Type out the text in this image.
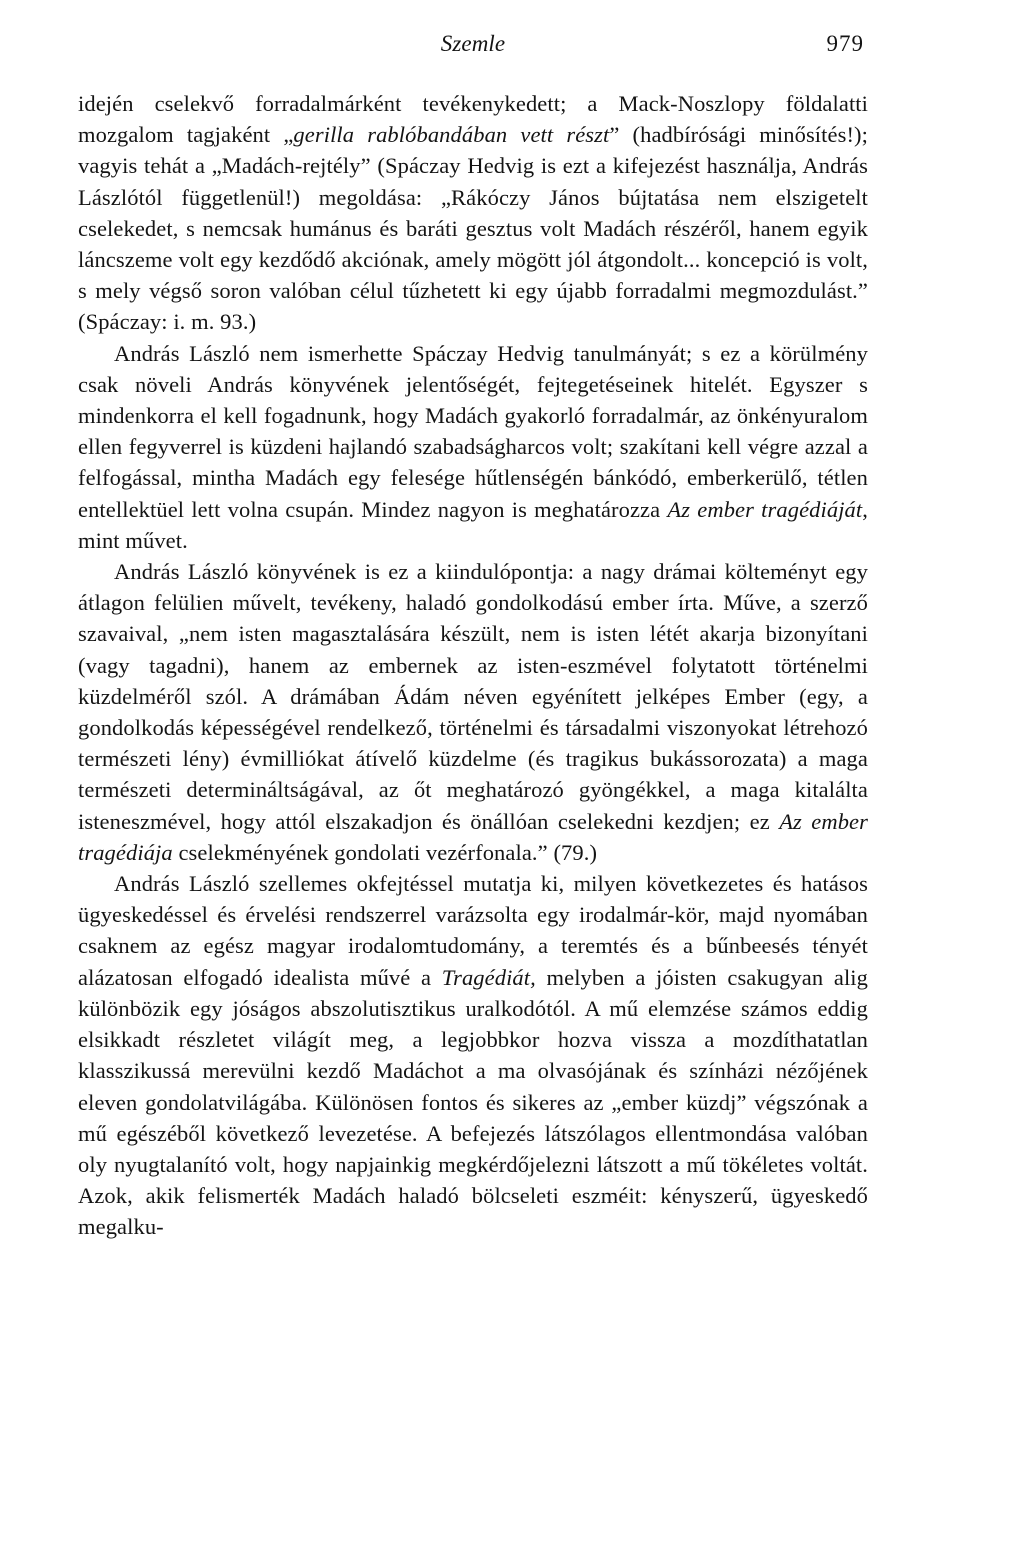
Szemle	979

idején cselekvő forradalmárként tevékenykedett; a Mack-Noszlopy földalatti mozgalom tagjaként „gerilla rablóbandában vett részt” (hadbírósági minősítés!); vagyis tehát a „Madách-rejtély” (Spáczay Hedvig is ezt a kifejezést használja, András Lászlótól függetlenül!) megoldása: „Rákóczy János bújtatása nem elszigetelt cselekedet, s nemcsak humánus és baráti gesztus volt Madách részéről, hanem egyik láncszeme volt egy kezdődő akciónak, amely mögött jól átgondolt... koncepció is volt, s mely végső soron valóban célul tűzhetett ki egy újabb forradalmi megmozdulást.” (Spáczay: i. m. 93.)

András László nem ismerhette Spáczay Hedvig tanulmányát; s ez a körülmény csak növeli András könyvének jelentőségét, fejtegetéseinek hitelét. Egyszer s mindenkorra el kell fogadnunk, hogy Madách gyakorló forradalmár, az önkényuralom ellen fegyverrel is küzdeni hajlandó szabadságharcos volt; szakítani kell végre azzal a felfogással, mintha Madách egy felesége hűtlenségén bánkódó, emberkerülő, tétlen entellektüel lett volna csupán. Mindez nagyon is meghatározza Az ember tragédiáját, mint művet.

András László könyvének is ez a kiindulópontja: a nagy drámai költeményt egy átlagon felülien művelt, tevékeny, haladó gondolkodású ember írta. Műve, a szerző szavaival, „nem isten magasztalására készült, nem is isten létét akarja bizonyítani (vagy tagadni), hanem az embernek az isten-eszmével folytatott történelmi küzdelméről szól. A drámában Ádám néven egyénített jelképes Ember (egy, a gondolkodás képességével rendelkező, történelmi és társadalmi viszonyokat létrehozó természeti lény) évmilliókat átívelő küzdelme (és tragikus bukássorozata) a maga természeti determináltságával, az őt meghatározó gyöngékkel, a maga kitalálta isteneszmével, hogy attól elszakadjon és önállóan cselekedni kezdjen; ez Az ember tragédiája cselekményének gondolati vezérfonala.” (79.)

András László szellemes okfejtéssel mutatja ki, milyen következetes és hatásos ügyeskedéssel és érvelési rendszerrel varázsolta egy irodalmár-kör, majd nyomában csaknem az egész magyar irodalomtudomány, a teremtés és a bűnbeesés tényét alázatosan elfogadó idealista művé a Tragédiát, melyben a jóisten csakugyan alig különbözik egy jóságos abszolutisztikus uralkodótól. A mű elemzése számos eddig elsikkadt részletet világít meg, a legjobbkor hozva vissza a mozdíthatatlan klasszikussá merevülni kezdő Madáchot a ma olvasójának és színházi nézőjének eleven gondolatvilágába. Különösen fontos és sikeres az „ember küzdj” végszónak a mű egészéből következő levezetése. A befejezés látszólagos ellentmondása valóban oly nyugtalanító volt, hogy napjainkig megkérdőjelezni látszott a mű tökéletes voltát. Azok, akik felismerték Madách haladó bölcseleti eszméit: kényszerű, ügyeskedő megalku-
